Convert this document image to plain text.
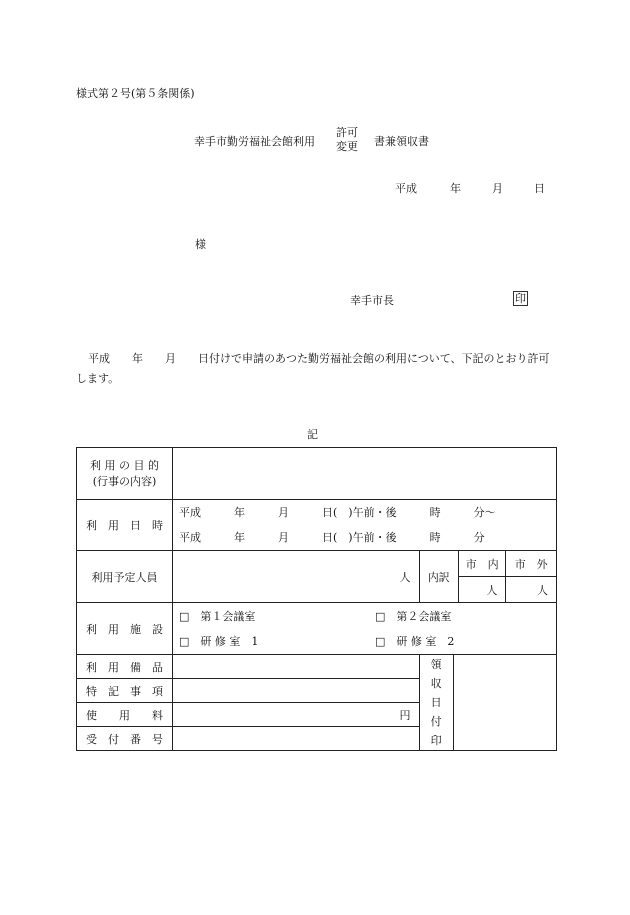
様式第２号(第５条関係)
幸手市勤労福祉会館利用
許可
変更 書兼領収書
平成	年	月	日
様
幸手市長	印
平成　　年　　月　　日付けで申請のあつた勤労福祉会館の利用について、下記のとおり許可します。
記
利 用 の 目 的
(行事の内容)					

利　用　日　時	平成　　　年　　　月　　　日(　)午前・後　　　時　　　分～
平成　　　年　　　月　　　日(　)午前・後　　　時　　　分				

利用予定人員	人	内訳		市　内	市　外
				人	人
利　用　施　設	□　第１会議室 □　第２会議室
□　研 修 室　1 □　研 修 室　2				

利　用　備　品		領
収
日
付
印			

特　記　事　項					
使　　用　　料	円				
受　付　番　号					
